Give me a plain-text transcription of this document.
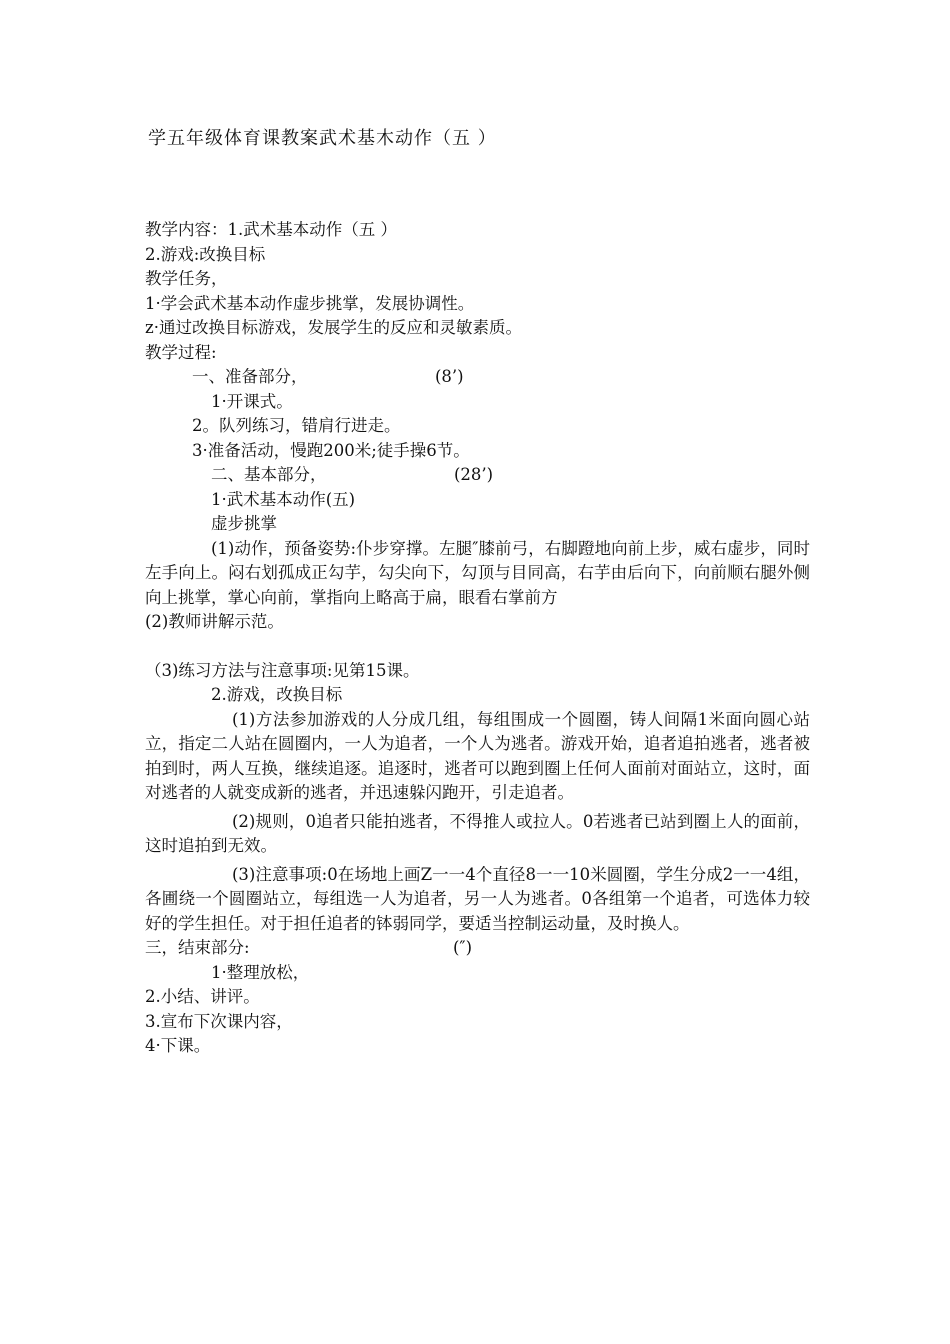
学五年级体育课教案武术基木动作（五 ）
教学内容：1.武术基本动作（五 ）
2.游戏:改换目标
教学任务，
1·学会武术基本动作虚步挑掌，发展协调性。
z·通过改换目标游戏，发展学生的反应和灵敏素质。
教学过程:
一、准备部分，	(8’)
1·开课式。
2。队列练习，错肩行进走。
3·准备活动，慢跑200米;徒手操6节。
二、基本部分，	(28’)
1·武术基本动作(五)
虚步挑掌
(1)动作，预备姿势:仆步穿撑。左腿″膝前弓，右脚蹬地向前上步，威右虚步，同时左手向上。闷右划孤成正勾芋，勾尖向下，勾顶与目同高，右芋由后向下，向前顺右腿外侧向上挑掌，掌心向前，掌指向上略高于扁，眼看右掌前方
(2)教师讲解示范。
（3)练习方法与注意事项:见第15课。
2.游戏，改换目标
(1)方法参加游戏的人分成几组，每组围成一个圆圈，铸人间隔1米面向圆心站立，指定二人站在圆圈内，一人为追者，一个人为逃者。游戏开始，追者追拍逃者，逃者被拍到时，两人互换，继续追逐。追逐时，逃者可以跑到圈上任何人面前对面站立，这时，面对逃者的人就变成新的逃者，并迅速躲闪跑开，引走追者。
(2)规则，0追者只能拍逃者，不得推人或拉人。0若逃者已站到圈上人的面前，这时追拍到无效。
(3)注意事项:0在场地上画Z一一4个直径8一一10米圆圈，学生分成2一一4组，各圃绕一个圆圈站立，每组选一人为追者，另一人为逃者。0各组第一个追者，可选体力较好的学生担任。对于担任追者的钵弱同学，要适当控制运动量，及时换人。
三，结束部分:	(″)
1·整理放松，
2.小结、讲评。
3.宣布下次课内容，
4·下课。
